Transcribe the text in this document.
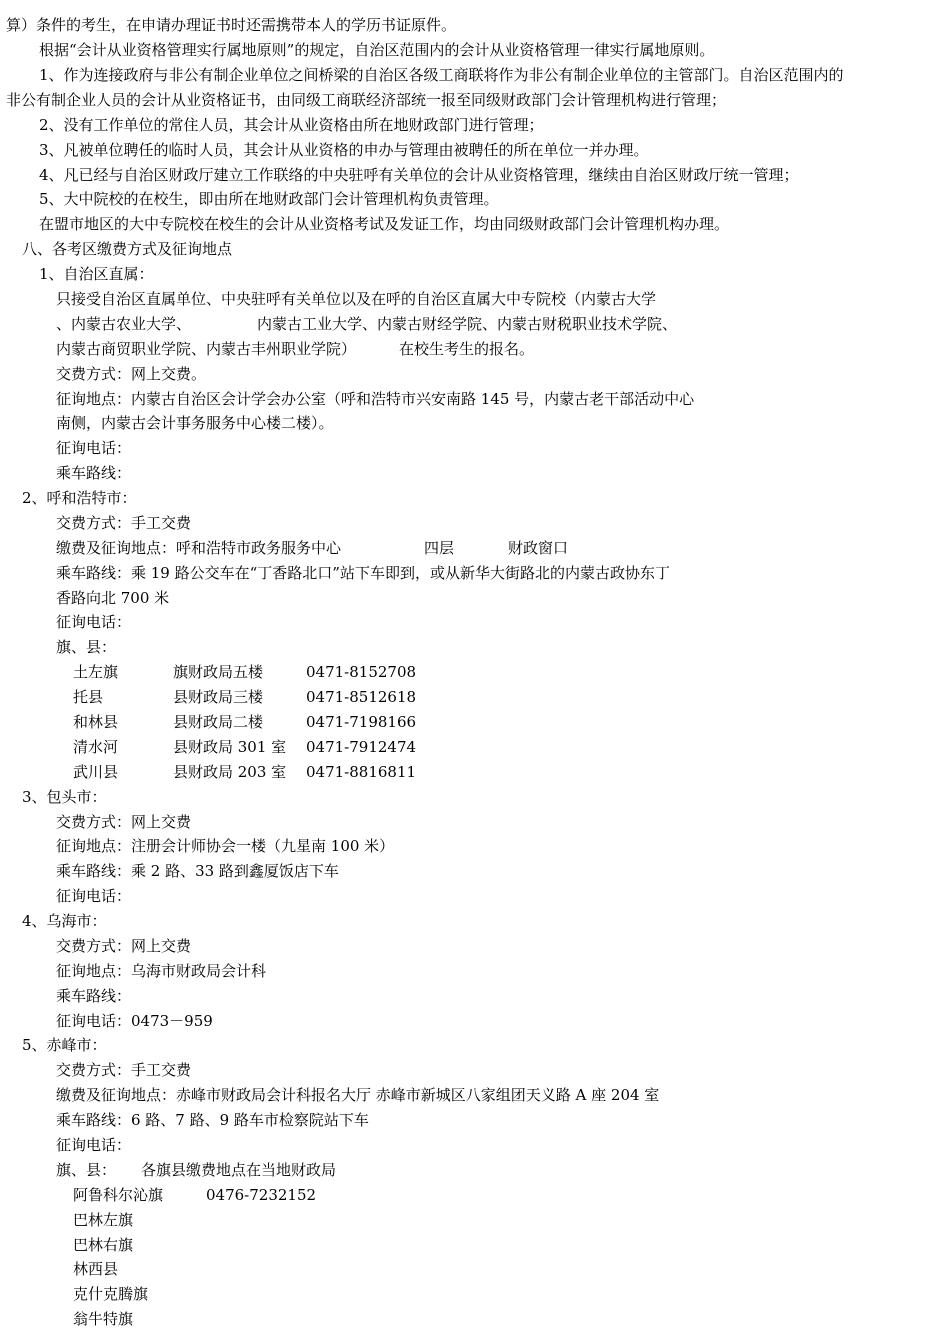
算）条件的考生，在申请办理证书时还需携带本人的学历书证原件。
根据“会计从业资格管理实行属地原则”的规定，自治区范围内的会计从业资格管理一律实行属地原则。
1、作为连接政府与非公有制企业单位之间桥梁的自治区各级工商联将作为非公有制企业单位的主管部门。自治区范围内的
非公有制企业人员的会计从业资格证书，由同级工商联经济部统一报至同级财政部门会计管理机构进行管理；
2、没有工作单位的常住人员，其会计从业资格由所在地财政部门进行管理；
3、凡被单位聘任的临时人员，其会计从业资格的申办与管理由被聘任的所在单位一并办理。
4、凡已经与自治区财政厅建立工作联络的中央驻呼有关单位的会计从业资格管理，继续由自治区财政厅统一管理；
5、大中院校的在校生，即由所在地财政部门会计管理机构负责管理。
在盟市地区的大中专院校在校生的会计从业资格考试及发证工作，均由同级财政部门会计管理机构办理。
八、各考区缴费方式及征询地点
1、自治区直属：
只接受自治区直属单位、中央驻呼有关单位以及在呼的自治区直属大中专院校（内蒙古大学
、内蒙古农业大学、	内蒙古工业大学、内蒙古财经学院、内蒙古财税职业技术学院、
内蒙古商贸职业学院、内蒙古丰州职业学院）	在校生考生的报名。
交费方式：网上交费。
征询地点：内蒙古自治区会计学会办公室（呼和浩特市兴安南路 145 号，内蒙古老干部活动中心
南侧，内蒙古会计事务服务中心楼二楼）。
征询电话：
乘车路线：
2、呼和浩特市：
交费方式：手工交费
缴费及征询地点：呼和浩特市政务服务中心	四层	财政窗口
乘车路线：乘 19 路公交车在“丁香路北口”站下车即到，或从新华大街路北的内蒙古政协东丁
香路向北 700 米
征询电话：
旗、县：
土左旗	旗财政局五楼	0471-8152708
托县	县财政局三楼	0471-8512618
和林县	县财政局二楼	0471-7198166
清水河	县财政局 301 室 0471-7912474
武川县	县财政局 203 室 0471-8816811
3、包头市：
交费方式：网上交费
征询地点：注册会计师协会一楼（九星南 100 米）
乘车路线：乘 2 路、33 路到鑫厦饭店下车
征询电话：
4、乌海市：
交费方式：网上交费
征询地点：乌海市财政局会计科
乘车路线：
征询电话：0473－959
5、赤峰市：
交费方式：手工交费
缴费及征询地点：赤峰市财政局会计科报名大厅 赤峰市新城区八家组团天义路 A 座 204 室
乘车路线：6 路、7 路、9 路车市检察院站下车
征询电话：
旗、县： 各旗县缴费地点在当地财政局
阿鲁科尔沁旗	0476-7232152
巴林左旗
巴林右旗
林西县
克什克腾旗
翁牛特旗
